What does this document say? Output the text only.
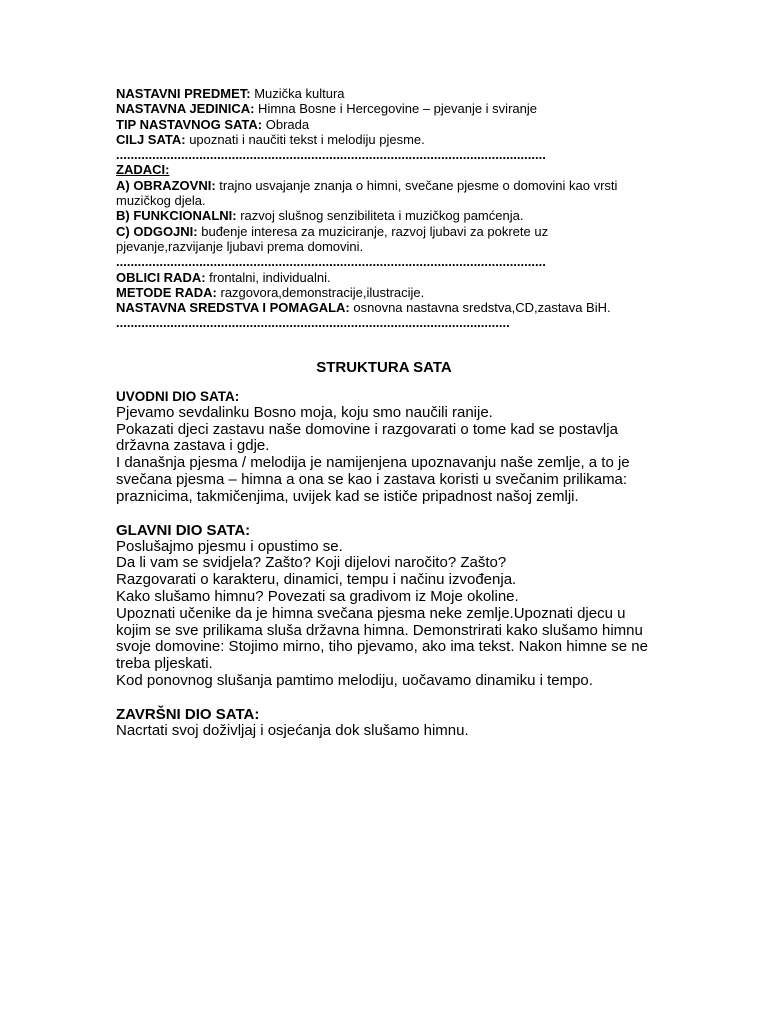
NASTAVNI PREDMET: Muzička kultura
NASTAVNA JEDINICA: Himna Bosne i Hercegovine – pjevanje i sviranje
TIP NASTAVNOG SATA: Obrada
CILJ SATA: upoznati i naučiti tekst i melodiju pjesme.
.......................................................................................................................
ZADACI:
A) OBRAZOVNI: trajno usvajanje znanja o himni, svečane pjesme o domovini kao vrsti muzičkog djela.
B) FUNKCIONALNI: razvoj slušnog senzibiliteta i muzičkog pamćenja.
C) ODGOJNI: buđenje interesa za muziciranje, razvoj ljubavi za pokrete uz pjevanje,razvijanje ljubavi prema domovini.
.......................................................................................................................
OBLICI RADA: frontalni, individualni.
METODE RADA: razgovora,demonstracije,ilustracije.
NASTAVNA SREDSTVA I POMAGALA: osnovna nastavna sredstva,CD,zastava BiH.
.............................................................................................................
STRUKTURA SATA
UVODNI DIO SATA:
Pjevamo sevdalinku Bosno moja, koju smo naučili ranije.
Pokazati djeci zastavu naše domovine i razgovarati o tome kad se postavlja državna zastava i gdje.
I današnja pjesma / melodija je namijenjena upoznavanju naše zemlje, a to je svečana pjesma – himna a ona se kao i zastava koristi u svečanim prilikama: praznicima, takmičenjima, uvijek kad se ističe pripadnost našoj zemlji.
GLAVNI DIO SATA:
Poslušajmo pjesmu i opustimo se.
Da li vam se svidjela? Zašto? Koji dijelovi naročito? Zašto?
Razgovarati o karakteru, dinamici, tempu i načinu izvođenja.
Kako slušamo himnu? Povezati sa gradivom iz Moje okoline.
Upoznati učenike da je himna svečana pjesma neke zemlje.Upoznati djecu u kojim se sve prilikama sluša državna himna. Demonstrirati kako slušamo himnu svoje domovine: Stojimo mirno, tiho pjevamo, ako ima tekst. Nakon himne se ne treba pljeskati.
Kod ponovnog slušanja pamtimo melodiju, uočavamo dinamiku i tempo.
ZAVRŠNI DIO SATA:
Nacrtati svoj doživljaj i osjećanja dok slušamo himnu.
